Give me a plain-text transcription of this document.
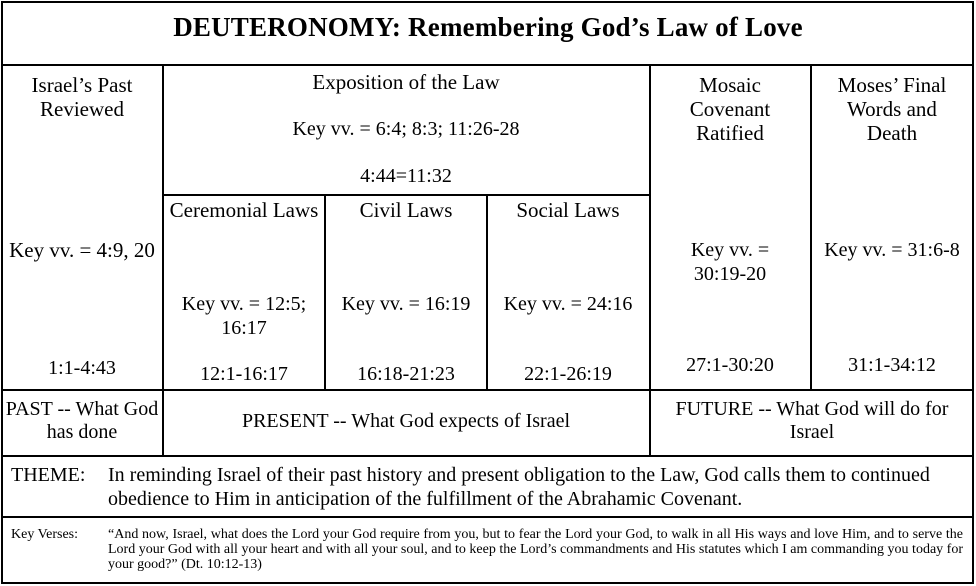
DEUTERONOMY: Remembering God’s Law of Love
Israel’s Past Reviewed
Key vv. = 4:9, 20
1:1-4:43
Exposition of the Law
Key vv. = 6:4; 8:3; 11:26-28
4:44=11:32
Ceremonial Laws
Key vv. = 12:5; 16:17
12:1-16:17
Civil Laws
Key vv. = 16:19
16:18-21:23
Social Laws
Key vv. = 24:16
22:1-26:19
Mosaic Covenant Ratified
Key vv. = 30:19-20
27:1-30:20
Moses’ Final Words and Death
Key vv. = 31:6-8
31:1-34:12
PAST -- What God has done	PRESENT -- What God expects of Israel
FUTURE -- What God will do for Israel
THEME: In reminding Israel of their past history and present obligation to the Law, God calls them to continued obedience to Him in anticipation of the fulfillment of the Abrahamic Covenant.
Key Verses: “And now, Israel, what does the Lord your God require from you, but to fear the Lord your God, to walk in all His ways and love Him, and to serve the Lord your God with all your heart and with all your soul, and to keep the Lord’s commandments and His statutes which I am commanding you today for your good?” (Dt. 10:12-13)
